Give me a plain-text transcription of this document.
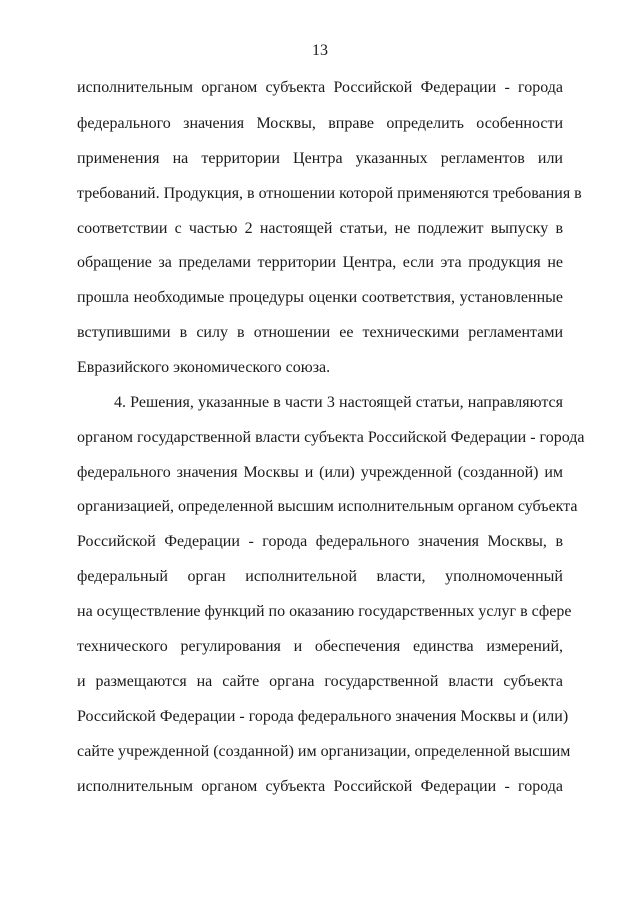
13
исполнительным органом субъекта Российской Федерации - города
федерального значения Москвы, вправе определить особенности
применения на территории Центра указанных регламентов или
требований. Продукция, в отношении которой применяются требования в
соответствии с частью 2 настоящей статьи, не подлежит выпуску в
обращение за пределами территории Центра, если эта продукция не
прошла необходимые процедуры оценки соответствия, установленные
вступившими в силу в отношении ее техническими регламентами
Евразийского экономического союза.
4. Решения, указанные в части 3 настоящей статьи, направляются
органом государственной власти субъекта Российской Федерации - города
федерального значения Москвы и (или) учрежденной (созданной) им
организацией, определенной высшим исполнительным органом субъекта
Российской Федерации - города федерального значения Москвы, в
федеральный орган исполнительной власти, уполномоченный
на осуществление функций по оказанию государственных услуг в сфере
технического регулирования и обеспечения единства измерений,
и размещаются на сайте органа государственной власти субъекта
Российской Федерации - города федерального значения Москвы и (или)
сайте учрежденной (созданной) им организации, определенной высшим
исполнительным органом субъекта Российской Федерации - города
